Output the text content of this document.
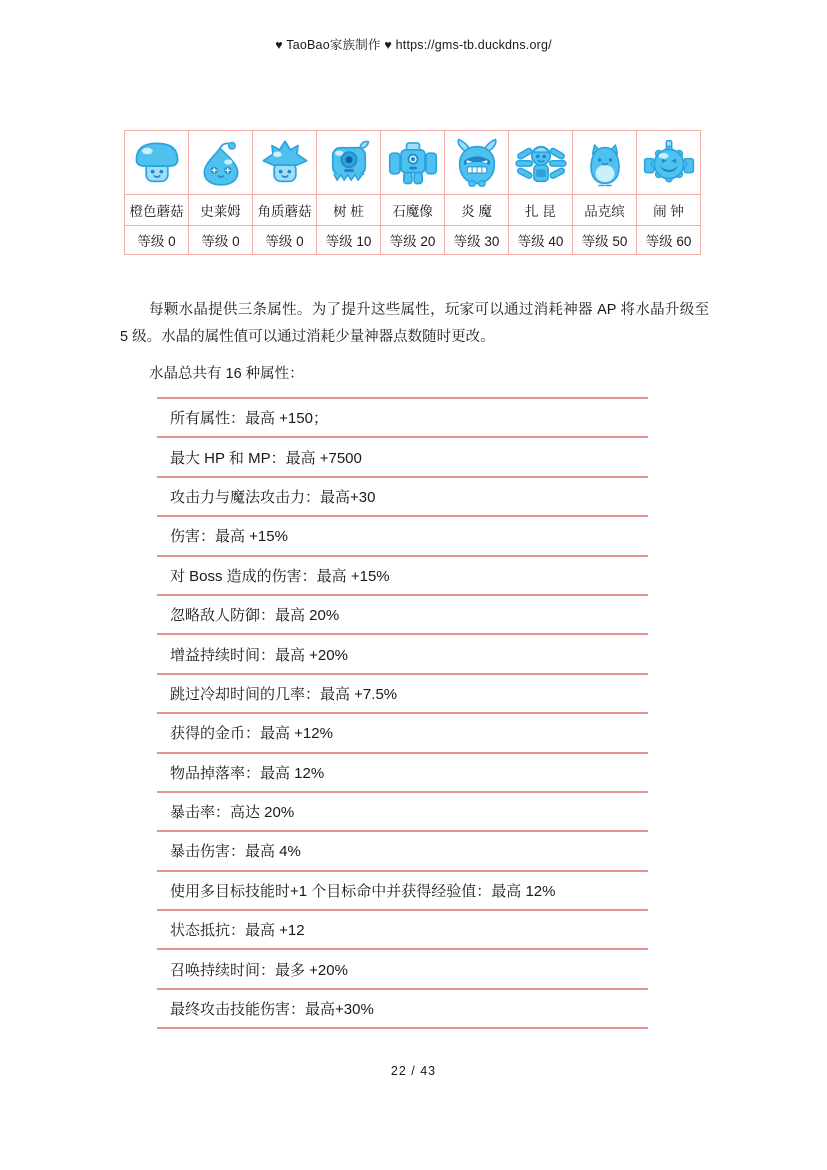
♥ TaoBao家族制作 ♥ https://gms-tb.duckdns.org/

橙色蘑菇	史莱姆	角质蘑菇	树 桩	石魔像	炎 魔	扎 昆	品克缤	闹 钟
等级 0	等级 0	等级 0	等级 10	等级 20	等级 30	等级 40	等级 50	等级 60

每颗水晶提供三条属性。为了提升这些属性，玩家可以通过消耗神器 AP 将水晶升级至 5 级。水晶的属性值可以通过消耗少量神器点数随时更改。

水晶总共有 16 种属性：

所有属性：最高 +150；
最大 HP 和 MP：最高 +7500
攻击力与魔法攻击力：最高+30
伤害：最高 +15%
对 Boss 造成的伤害：最高 +15%
忽略敌人防御：最高 20%
增益持续时间：最高 +20%
跳过冷却时间的几率：最高 +7.5%
获得的金币：最高 +12%
物品掉落率：最高 12%
暴击率：高达 20%
暴击伤害：最高 4%
使用多目标技能时+1 个目标命中并获得经验值：最高 12%
状态抵抗：最高 +12
召唤持续时间：最多 +20%
最终攻击技能伤害：最高+30%
22 / 43
